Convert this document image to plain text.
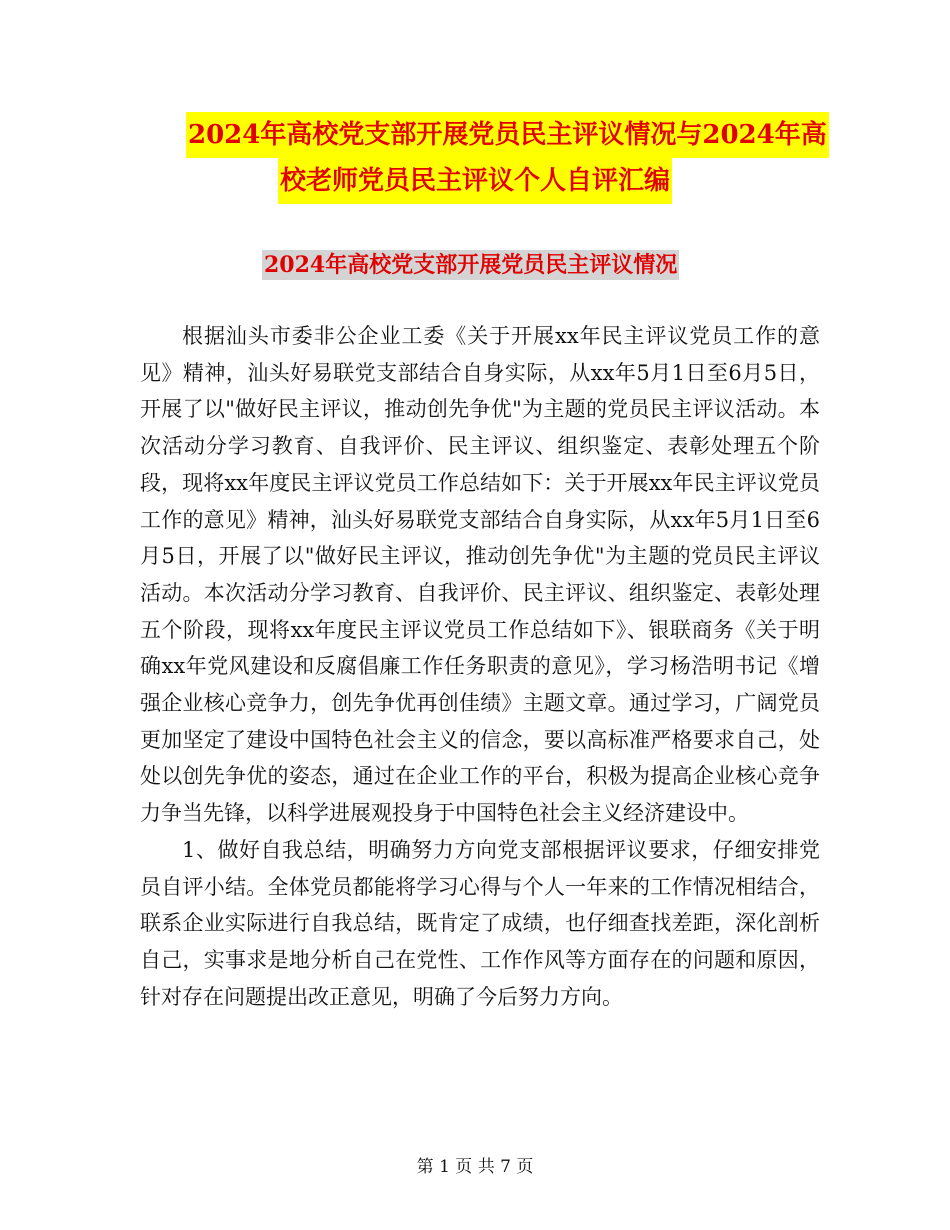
2024年高校党支部开展党员民主评议情况与2024年高
校老师党员民主评议个人自评汇编
2024年高校党支部开展党员民主评议情况

根据汕头市委非公企业工委《关于开展xx年民主评议党员工作的意见》精神，汕头好易联党支部结合自身实际，从xx年5月1日至6月5日，开展了以"做好民主评议，推动创先争优"为主题的党员民主评议活动。本次活动分学习教育、自我评价、民主评议、组织鉴定、表彰处理五个阶段，现将xx年度民主评议党员工作总结如下：关于开展xx年民主评议党员工作的意见》精神，汕头好易联党支部结合自身实际，从xx年5月1日至6月5日，开展了以"做好民主评议，推动创先争优"为主题的党员民主评议活动。本次活动分学习教育、自我评价、民主评议、组织鉴定、表彰处理五个阶段，现将xx年度民主评议党员工作总结如下》、银联商务《关于明确xx年党风建设和反腐倡廉工作任务职责的意见》，学习杨浩明书记《增强企业核心竞争力，创先争优再创佳绩》主题文章。通过学习，广阔党员更加坚定了建设中国特色社会主义的信念，要以高标准严格要求自己，处处以创先争优的姿态，通过在企业工作的平台，积极为提高企业核心竞争力争当先锋，以科学进展观投身于中国特色社会主义经济建设中。

1、做好自我总结，明确努力方向党支部根据评议要求，仔细安排党员自评小结。全体党员都能将学习心得与个人一年来的工作情况相结合，联系企业实际进行自我总结，既肯定了成绩，也仔细查找差距，深化剖析自己，实事求是地分析自己在党性、工作作风等方面存在的问题和原因，针对存在问题提出改正意见，明确了今后努力方向。

第 1 页 共 7 页
